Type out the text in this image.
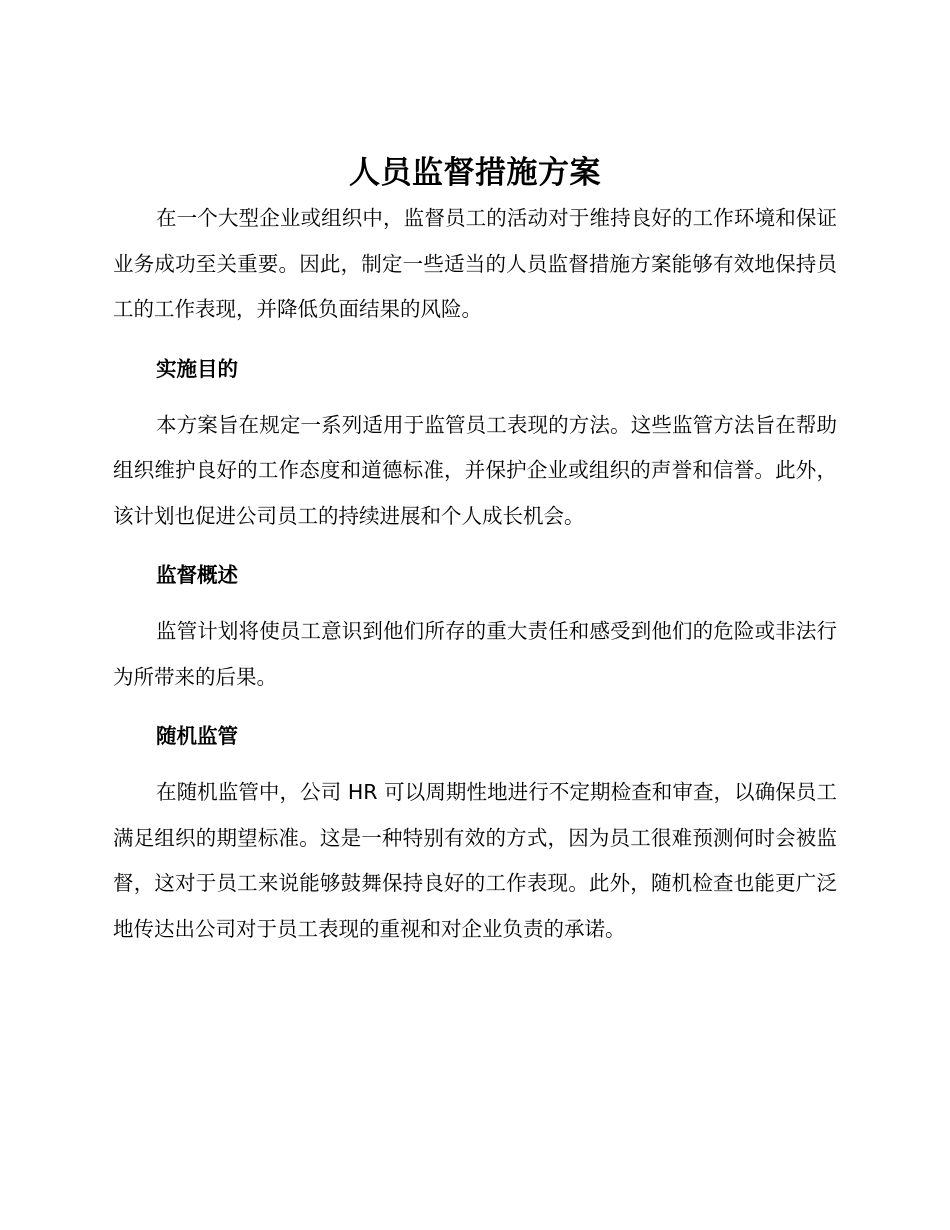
人员监督措施方案

在一个大型企业或组织中，监督员工的活动对于维持良好的工作环境和保证业务成功至关重要。因此，制定一些适当的人员监督措施方案能够有效地保持员工的工作表现，并降低负面结果的风险。

实施目的

本方案旨在规定一系列适用于监管员工表现的方法。这些监管方法旨在帮助组织维护良好的工作态度和道德标准，并保护企业或组织的声誉和信誉。此外，该计划也促进公司员工的持续进展和个人成长机会。

监督概述

监管计划将使员工意识到他们所存的重大责任和感受到他们的危险或非法行为所带来的后果。

随机监管

在随机监管中，公司 HR 可以周期性地进行不定期检查和审查，以确保员工满足组织的期望标准。这是一种特别有效的方式，因为员工很难预测何时会被监督，这对于员工来说能够鼓舞保持良好的工作表现。此外，随机检查也能更广泛地传达出公司对于员工表现的重视和对企业负责的承诺。
